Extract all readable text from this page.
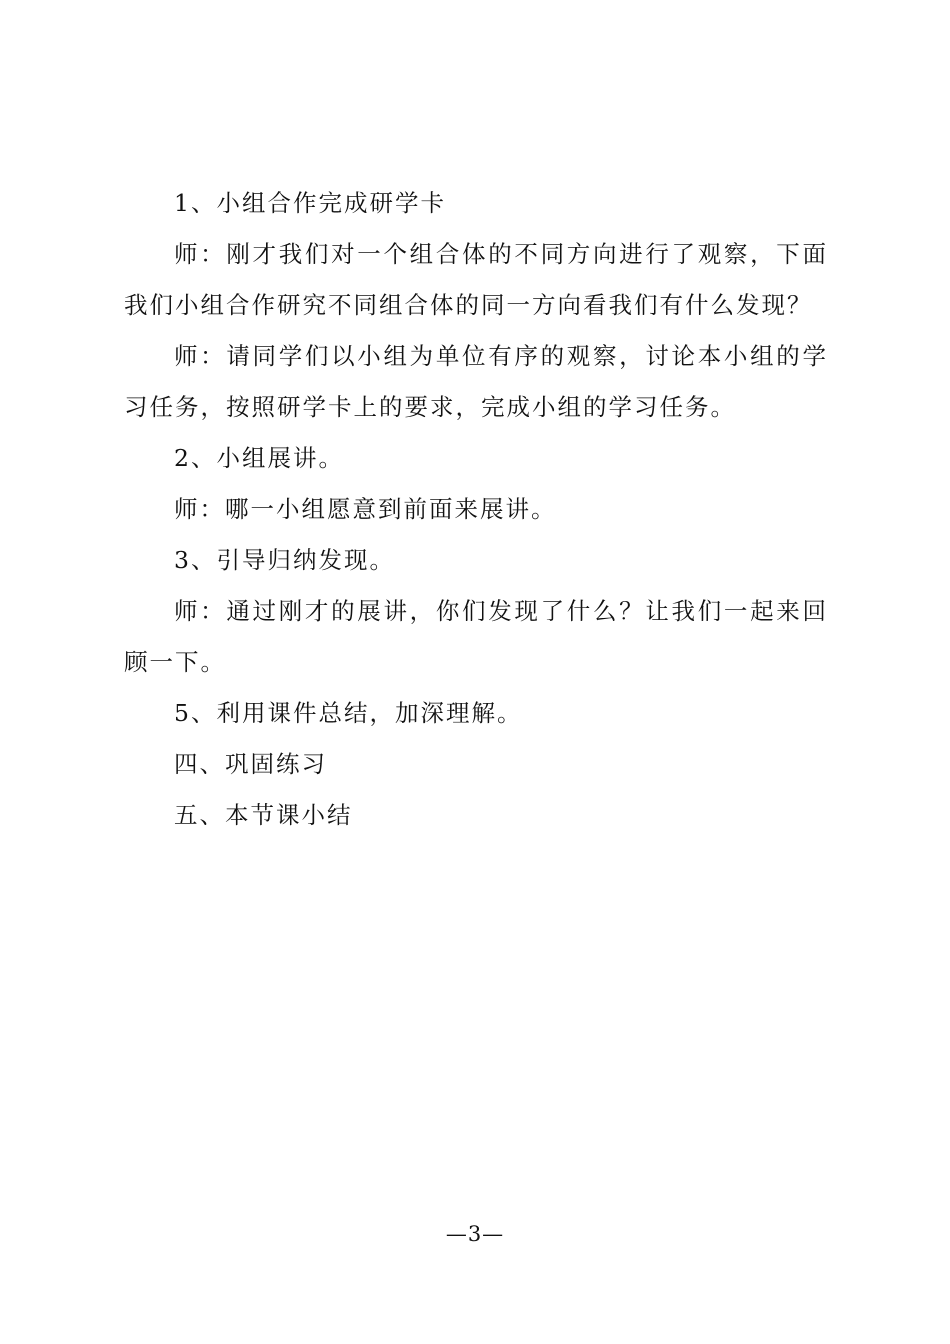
1、小组合作完成研学卡

师：刚才我们对一个组合体的不同方向进行了观察，下面我们小组合作研究不同组合体的同一方向看我们有什么发现？

师：请同学们以小组为单位有序的观察，讨论本小组的学习任务，按照研学卡上的要求，完成小组的学习任务。

2、小组展讲。

师：哪一小组愿意到前面来展讲。

3、引导归纳发现。

师：通过刚才的展讲，你们发现了什么？让我们一起来回顾一下。

5、利用课件总结，加深理解。

四、巩固练习

五、本节课小结

—3—
